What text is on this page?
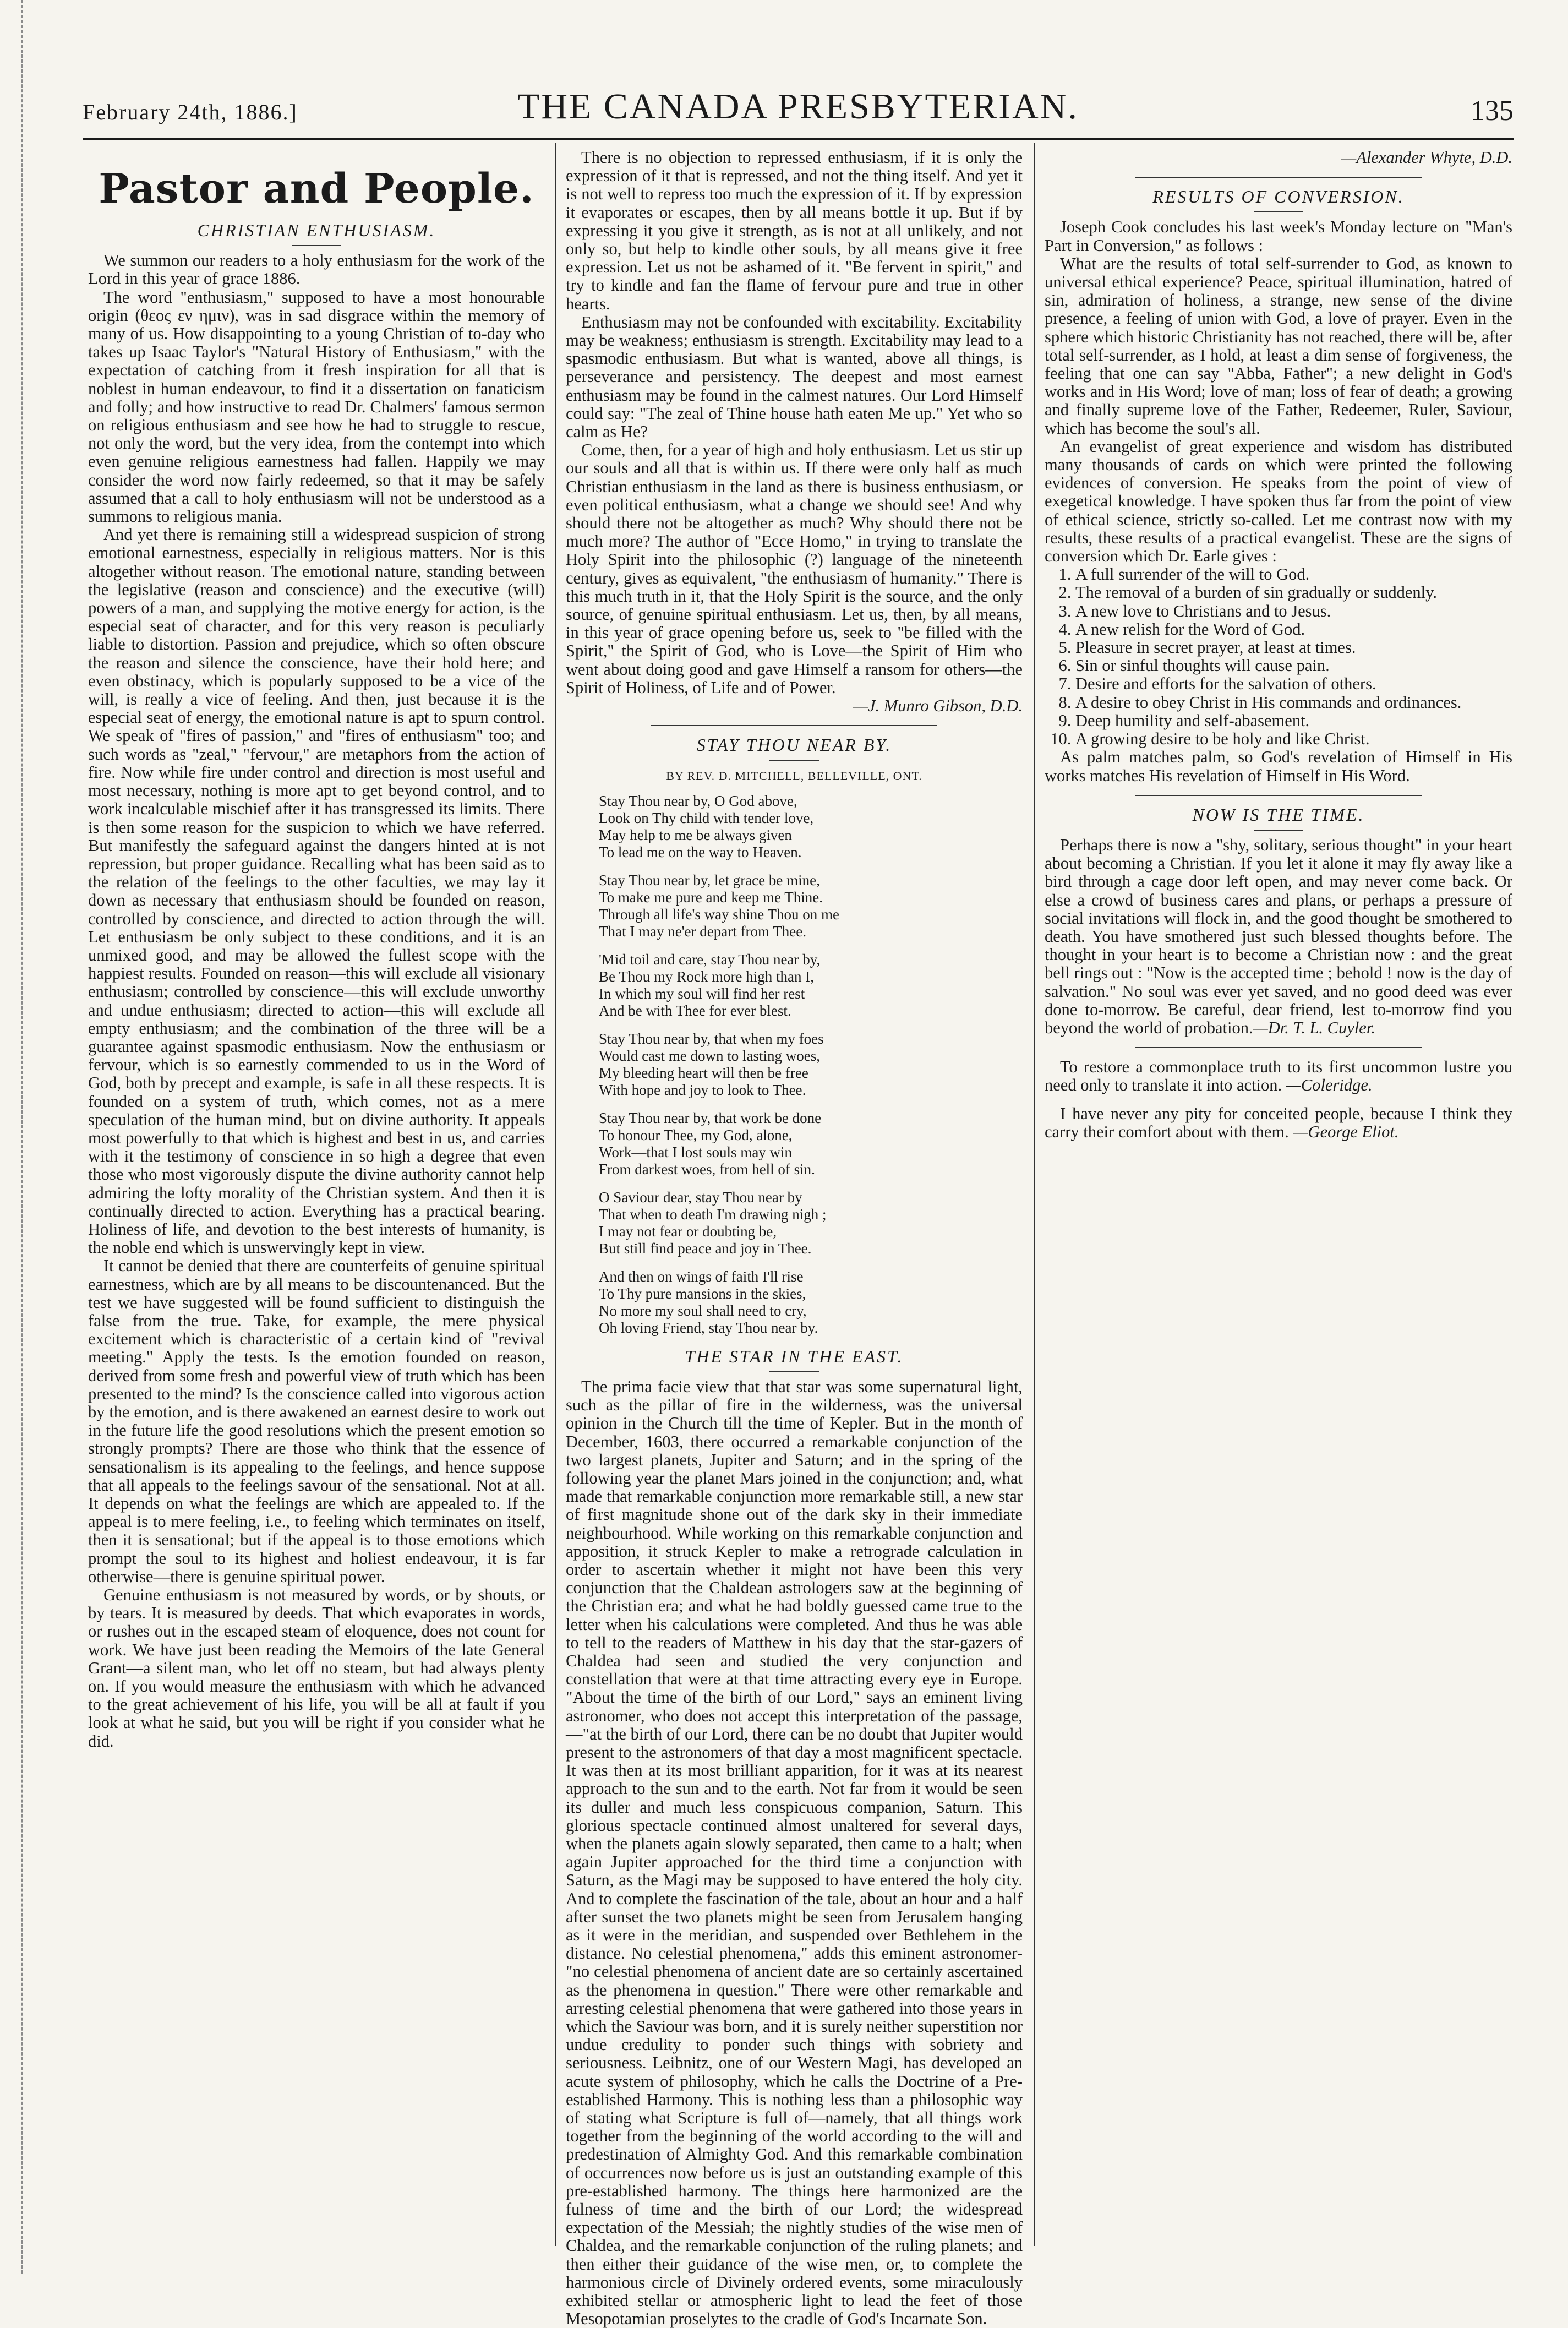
February 24th, 1886.]	THE CANADA PRESBYTERIAN.	135
Pastor and People.
CHRISTIAN ENTHUSIASM.

We summon our readers to a holy enthusiasm for the work of the Lord in this year of grace 1886.

The word "enthusiasm," supposed to have a most honourable origin (θεος εν ημιν), was in sad disgrace within the memory of many of us. How disappointing to a young Christian of to-day who takes up Isaac Taylor's "Natural History of Enthusiasm," with the expectation of catching from it fresh inspiration for all that is noblest in human endeavour, to find it a dissertation on fanaticism and folly; and how instructive to read Dr. Chalmers' famous sermon on religious enthusiasm and see how he had to struggle to rescue, not only the word, but the very idea, from the contempt into which even genuine religious earnestness had fallen. Happily we may consider the word now fairly redeemed, so that it may be safely assumed that a call to holy enthusiasm will not be understood as a summons to religious mania.

And yet there is remaining still a widespread suspicion of strong emotional earnestness, especially in religious matters. Nor is this altogether without reason. The emotional nature, standing between the legislative (reason and conscience) and the executive (will) powers of a man, and supplying the motive energy for action, is the especial seat of character, and for this very reason is peculiarly liable to distortion. Passion and prejudice, which so often obscure the reason and silence the conscience, have their hold here; and even obstinacy, which is popularly supposed to be a vice of the will, is really a vice of feeling. And then, just because it is the especial seat of energy, the emotional nature is apt to spurn control. We speak of "fires of passion," and "fires of enthusiasm" too; and such words as "zeal," "fervour," are metaphors from the action of fire. Now while fire under control and direction is most useful and most necessary, nothing is more apt to get beyond control, and to work incalculable mischief after it has transgressed its limits. There is then some reason for the suspicion to which we have referred. But manifestly the safeguard against the dangers hinted at is not repression, but proper guidance. Recalling what has been said as to the relation of the feelings to the other faculties, we may lay it down as necessary that enthusiasm should be founded on reason, controlled by conscience, and directed to action through the will. Let enthusiasm be only subject to these conditions, and it is an unmixed good, and may be allowed the fullest scope with the happiest results. Founded on reason—this will exclude all visionary enthusiasm; controlled by conscience—this will exclude unworthy and undue enthusiasm; directed to action—this will exclude all empty enthusiasm; and the combination of the three will be a guarantee against spasmodic enthusiasm. Now the enthusiasm or fervour, which is so earnestly commended to us in the Word of God, both by precept and example, is safe in all these respects. It is founded on a system of truth, which comes, not as a mere speculation of the human mind, but on divine authority. It appeals most powerfully to that which is highest and best in us, and carries with it the testimony of conscience in so high a degree that even those who most vigorously dispute the divine authority cannot help admiring the lofty morality of the Christian system. And then it is continually directed to action. Everything has a practical bearing. Holiness of life, and devotion to the best interests of humanity, is the noble end which is unswervingly kept in view.

It cannot be denied that there are counterfeits of genuine spiritual earnestness, which are by all means to be discountenanced. But the test we have suggested will be found sufficient to distinguish the false from the true. Take, for example, the mere physical excitement which is characteristic of a certain kind of "revival meeting." Apply the tests. Is the emotion founded on reason, derived from some fresh and powerful view of truth which has been presented to the mind? Is the conscience called into vigorous action by the emotion, and is there awakened an earnest desire to work out in the future life the good resolutions which the present emotion so strongly prompts? There are those who think that the essence of sensationalism is its appealing to the feelings, and hence suppose that all appeals to the feelings savour of the sensational. Not at all. It depends on what the feelings are which are appealed to. If the appeal is to mere feeling, i.e., to feeling which terminates on itself, then it is sensational; but if the appeal is to those emotions which prompt the soul to its highest and holiest endeavour, it is far otherwise—there is genuine spiritual power.

Genuine enthusiasm is not measured by words, or by shouts, or by tears. It is measured by deeds. That which evaporates in words, or rushes out in the escaped steam of eloquence, does not count for work. We have just been reading the Memoirs of the late General Grant—a silent man, who let off no steam, but had always plenty on. If you would measure the enthusiasm with which he advanced to the great achievement of his life, you will be all at fault if you look at what he said, but you will be right if you consider what he did.

There is no objection to repressed enthusiasm, if it is only the expression of it that is repressed, and not the thing itself. And yet it is not well to repress too much the expression of it. If by expression it evaporates or escapes, then by all means bottle it up. But if by expressing it you give it strength, as is not at all unlikely, and not only so, but help to kindle other souls, by all means give it free expression. Let us not be ashamed of it. "Be fervent in spirit," and try to kindle and fan the flame of fervour pure and true in other hearts.

Enthusiasm may not be confounded with excitability. Excitability may be weakness; enthusiasm is strength. Excitability may lead to a spasmodic enthusiasm. But what is wanted, above all things, is perseverance and persistency. The deepest and most earnest enthusiasm may be found in the calmest natures. Our Lord Himself could say: "The zeal of Thine house hath eaten Me up." Yet who so calm as He?

Come, then, for a year of high and holy enthusiasm. Let us stir up our souls and all that is within us. If there were only half as much Christian enthusiasm in the land as there is business enthusiasm, or even political enthusiasm, what a change we should see! And why should there not be altogether as much? Why should there not be much more? The author of "Ecce Homo," in trying to translate the Holy Spirit into the philosophic (?) language of the nineteenth century, gives as equivalent, "the enthusiasm of humanity." There is this much truth in it, that the Holy Spirit is the source, and the only source, of genuine spiritual enthusiasm. Let us, then, by all means, in this year of grace opening before us, seek to "be filled with the Spirit," the Spirit of God, who is Love—the Spirit of Him who went about doing good and gave Himself a ransom for others—the Spirit of Holiness, of Life and of Power.

—J. Munro Gibson, D.D.

STAY THOU NEAR BY.
BY REV. D. MITCHELL, BELLEVILLE, ONT.
Stay Thou near by, O God above,
Look on Thy child with tender love,
May help to me be always given
To lead me on the way to Heaven.
Stay Thou near by, let grace be mine,
To make me pure and keep me Thine.
Through all life's way shine Thou on me
That I may ne'er depart from Thee.
'Mid toil and care, stay Thou near by,
Be Thou my Rock more high than I,
In which my soul will find her rest
And be with Thee for ever blest.
Stay Thou near by, that when my foes
Would cast me down to lasting woes,
My bleeding heart will then be free
With hope and joy to look to Thee.
Stay Thou near by, that work be done
To honour Thee, my God, alone,
Work—that I lost souls may win
From darkest woes, from hell of sin.
O Saviour dear, stay Thou near by
That when to death I'm drawing nigh ;
I may not fear or doubting be,
But still find peace and joy in Thee.
And then on wings of faith I'll rise
To Thy pure mansions in the skies,
No more my soul shall need to cry,
Oh loving Friend, stay Thou near by.
THE STAR IN THE EAST.

The prima facie view that that star was some supernatural light, such as the pillar of fire in the wilderness, was the universal opinion in the Church till the time of Kepler. But in the month of December, 1603, there occurred a remarkable conjunction of the two largest planets, Jupiter and Saturn; and in the spring of the following year the planet Mars joined in the conjunction; and, what made that remarkable conjunction more remarkable still, a new star of first magnitude shone out of the dark sky in their immediate neighbourhood. While working on this remarkable conjunction and apposition, it struck Kepler to make a retrograde calculation in order to ascertain whether it might not have been this very conjunction that the Chaldean astrologers saw at the beginning of the Christian era; and what he had boldly guessed came true to the letter when his calculations were completed. And thus he was able to tell to the readers of Matthew in his day that the star-gazers of Chaldea had seen and studied the very conjunction and constellation that were at that time attracting every eye in Europe. "About the time of the birth of our Lord," says an eminent living astronomer, who does not accept this interpretation of the passage,—"at the birth of our Lord, there can be no doubt that Jupiter would present to the astronomers of that day a most magnificent spectacle. It was then at its most brilliant apparition, for it was at its nearest approach to the sun and to the earth. Not far from it would be seen its duller and much less conspicuous companion, Saturn. This glorious spectacle continued almost unaltered for several days, when the planets again slowly separated, then came to a halt; when again Jupiter approached for the third time a conjunction with Saturn, as the Magi may be supposed to have entered the holy city. And to complete the fascination of the tale, about an hour and a half after sunset the two planets might be seen from Jerusalem hanging as it were in the meridian, and suspended over Bethlehem in the distance. No celestial phenomena," adds this eminent astronomer- "no celestial phenomena of ancient date are so certainly ascertained as the phenomena in question." There were other remarkable and arresting celestial phenomena that were gathered into those years in which the Saviour was born, and it is surely neither superstition nor undue credulity to ponder such things with sobriety and seriousness. Leibnitz, one of our Western Magi, has developed an acute system of philosophy, which he calls the Doctrine of a Pre-established Harmony. This is nothing less than a philosophic way of stating what Scripture is full of—namely, that all things work together from the beginning of the world according to the will and predestination of Almighty God. And this remarkable combination of occurrences now before us is just an outstanding example of this pre-established harmony. The things here harmonized are the fulness of time and the birth of our Lord; the widespread expectation of the Messiah; the nightly studies of the wise men of Chaldea, and the remarkable conjunction of the ruling planets; and then either their guidance of the wise men, or, to complete the harmonious circle of Divinely ordered events, some miraculously exhibited stellar or atmospheric light to lead the feet of those Mesopotamian proselytes to the cradle of God's Incarnate Son.

—Alexander Whyte, D.D.

RESULTS OF CONVERSION.

Joseph Cook concludes his last week's Monday lecture on "Man's Part in Conversion," as follows :

What are the results of total self-surrender to God, as known to universal ethical experience? Peace, spiritual illumination, hatred of sin, admiration of holiness, a strange, new sense of the divine presence, a feeling of union with God, a love of prayer. Even in the sphere which historic Christianity has not reached, there will be, after total self-surrender, as I hold, at least a dim sense of forgiveness, the feeling that one can say "Abba, Father"; a new delight in God's works and in His Word; love of man; loss of fear of death; a growing and finally supreme love of the Father, Redeemer, Ruler, Saviour, which has become the soul's all.

An evangelist of great experience and wisdom has distributed many thousands of cards on which were printed the following evidences of conversion. He speaks from the point of view of exegetical knowledge. I have spoken thus far from the point of view of ethical science, strictly so-called. Let me contrast now with my results, these results of a practical evangelist. These are the signs of conversion which Dr. Earle gives :

1. A full surrender of the will to God.
2. The removal of a burden of sin gradually or suddenly.
3. A new love to Christians and to Jesus.
4. A new relish for the Word of God.
5. Pleasure in secret prayer, at least at times.
6. Sin or sinful thoughts will cause pain.
7. Desire and efforts for the salvation of others.
8. A desire to obey Christ in His commands and ordinances.
9. Deep humility and self-abasement.
10. A growing desire to be holy and like Christ.

As palm matches palm, so God's revelation of Himself in His works matches His revelation of Himself in His Word.

NOW IS THE TIME.

Perhaps there is now a "shy, solitary, serious thought" in your heart about becoming a Christian. If you let it alone it may fly away like a bird through a cage door left open, and may never come back. Or else a crowd of business cares and plans, or perhaps a pressure of social invitations will flock in, and the good thought be smothered to death. You have smothered just such blessed thoughts before. The thought in your heart is to become a Christian now : and the great bell rings out : "Now is the accepted time ; behold ! now is the day of salvation." No soul was ever yet saved, and no good deed was ever done to-morrow. Be careful, dear friend, lest to-morrow find you beyond the world of probation.—Dr. T. L. Cuyler.

To restore a commonplace truth to its first uncommon lustre you need only to translate it into action. —Coleridge.

I have never any pity for conceited people, because I think they carry their comfort about with them. —George Eliot.
